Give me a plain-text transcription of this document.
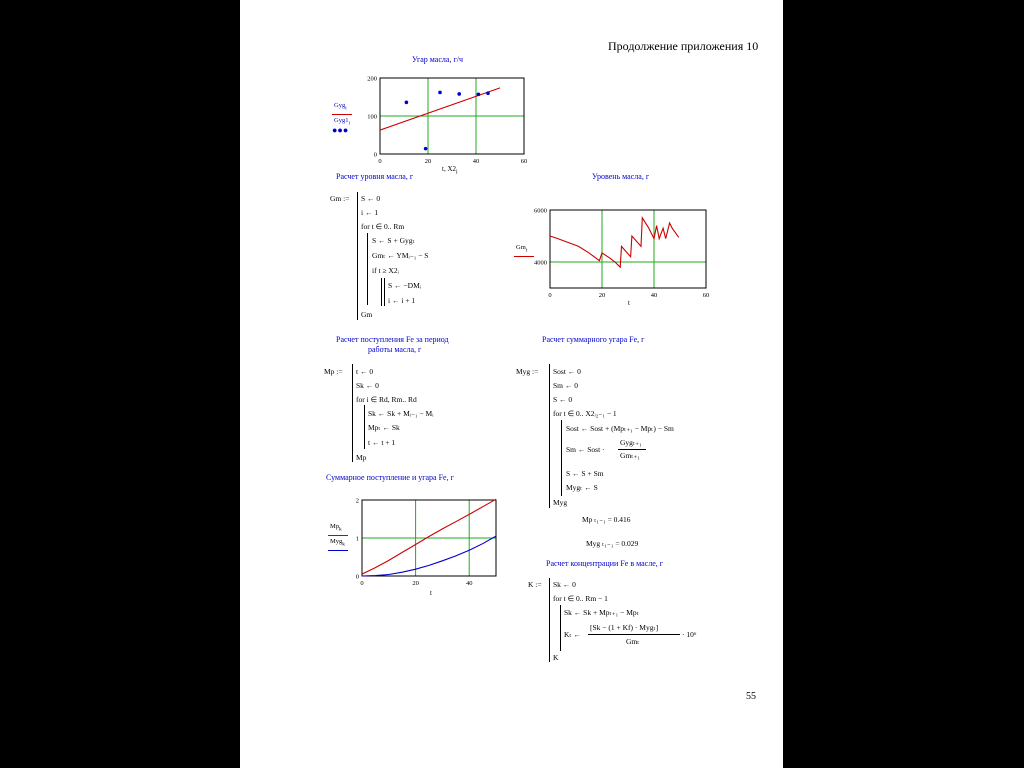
Продолжение приложения 10
Угар масла, г/ч
Gyg$_t$
$Gyg1_i$
●●●
200
100
0
0	20	40	60
t, $X2_i$
Расчет уровня масла, г	Уровень масла, г
Gm := S ← 0
i ← 1
for t ∈ 0.. Rm
S ← S + Gygₜ
Gmₜ ← YMᵢ₋₁ − S
if t ≥ X2ᵢ
S ← −DMᵢ
i ← i + 1
Gm
$Gm_t$
6000
4000
0	20	40	60
t
Расчет поступления Fe за период
работы масла, г
Расчет суммарного угара Fe, г
Mp := t ← 0
Sk ← 0
for i ∈ Rd, Rm.. Rd
Sk ← Sk + Mᵢ₋₁ − Mᵢ
Mpₜ ← Sk
t ← t + 1
Mp
Myg := Sost ← 0
Sm ← 0
S ← 0
for t ∈ 0.. X2ᵢ₂₋₁ − 1
Sost ← Sost + (Mpₜ₊₁ − Mpₜ) − Sm
Sm ← Sost ·
Gygₜ₊₁
Gmₜ₊₁
S ← S + Sm
Mygₜ ← S
Myg
Mp ₜ₁₋₁ = 0.416
Myg ₜ₁₋₁ = 0.029
Суммарное поступление и угара Fe, г
$Mp_k$
Myg$_k$
2
1
0
0	20	40
t
Расчет концентрации Fe в масле, г
K := Sk ← 0
for t ∈ 0.. Rm − 1
Sk ← Sk + Mpₜ₊₁ − Mpₜ
Kₜ ←
[Sk − (1 + Kf) · Mygₜ]
Gmₜ
· 10⁶
K
55
